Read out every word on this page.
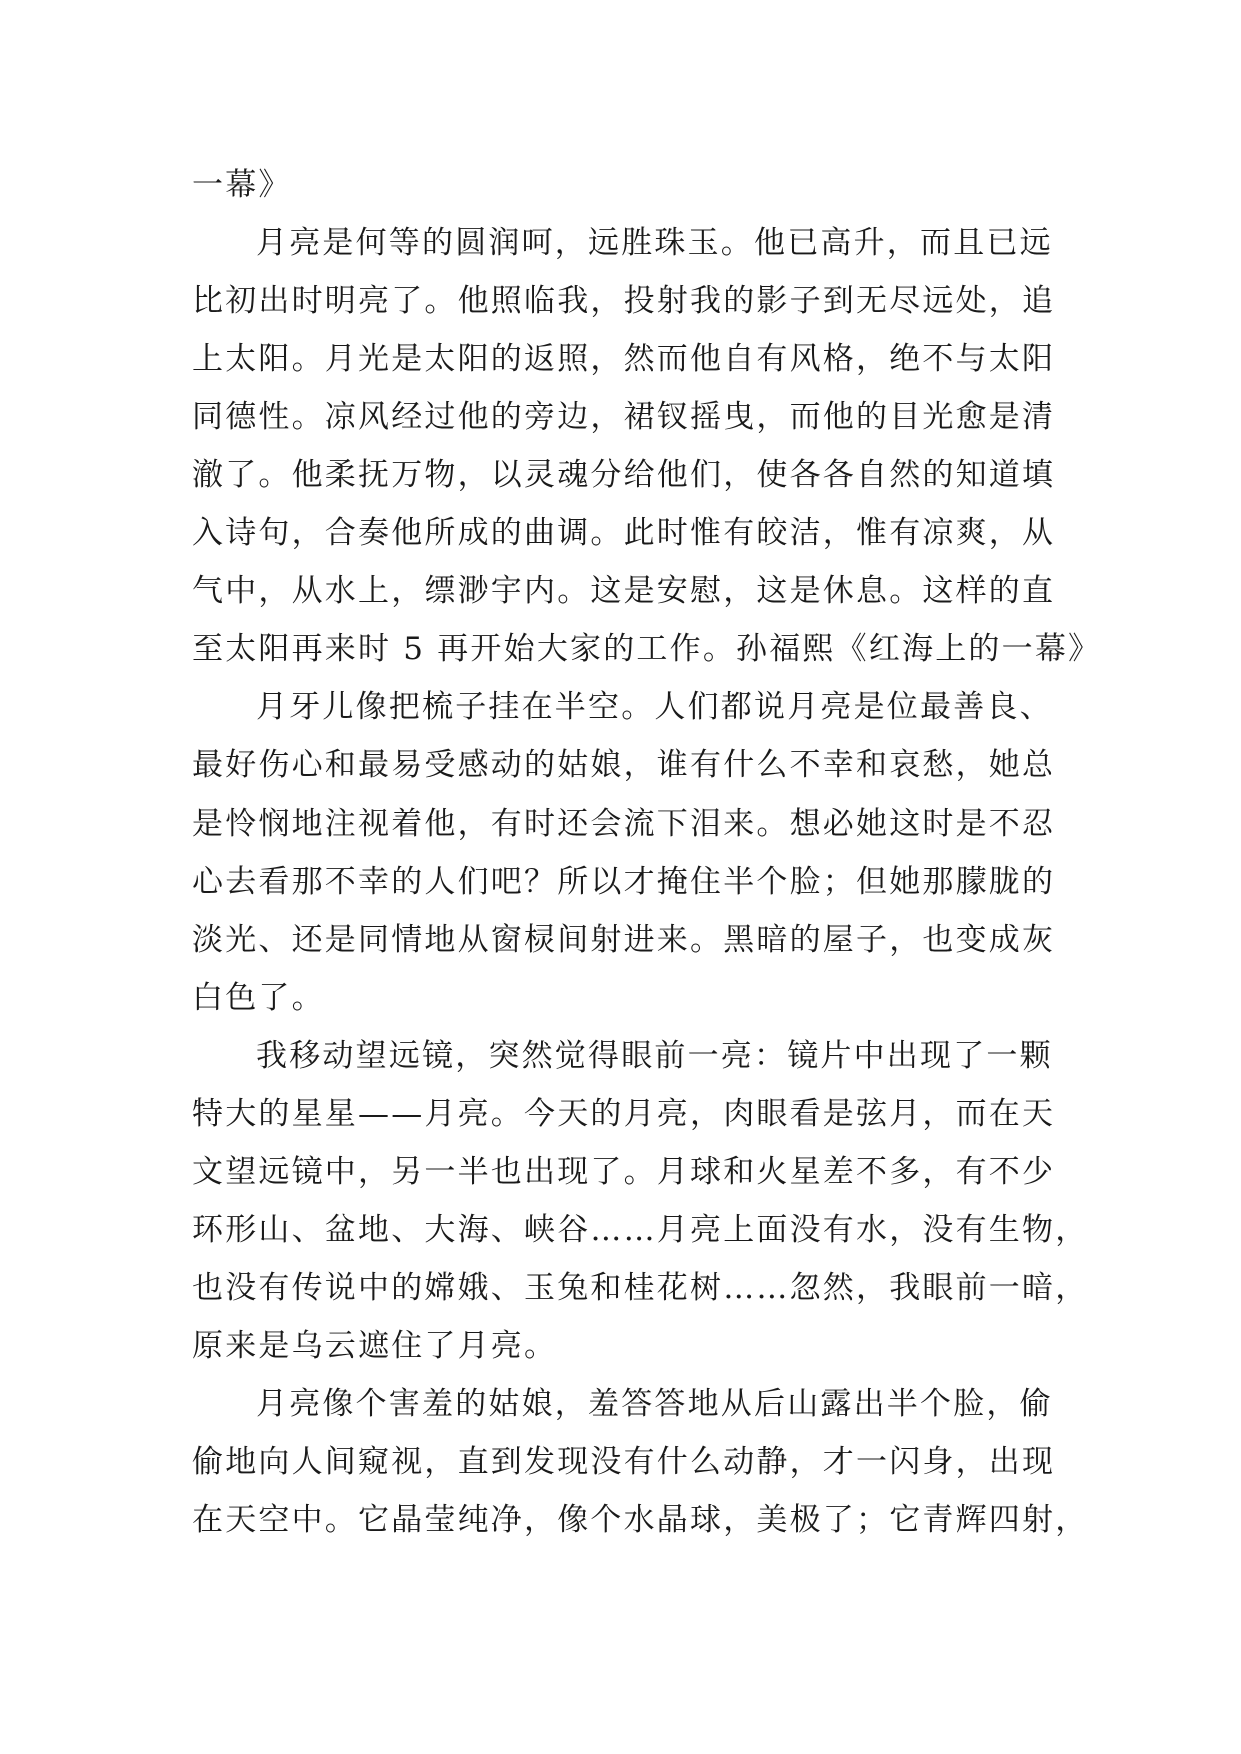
一幕》
月亮是何等的圆润呵，远胜珠玉。他已高升，而且已远
比初出时明亮了。他照临我，投射我的影子到无尽远处，追
上太阳。月光是太阳的返照，然而他自有风格，绝不与太阳
同德性。凉风经过他的旁边，裙钗摇曳，而他的目光愈是清
澈了。他柔抚万物，以灵魂分给他们，使各各自然的知道填
入诗句，合奏他所成的曲调。此时惟有皎洁，惟有凉爽，从
气中，从水上，缥渺宇内。这是安慰，这是休息。这样的直
至太阳再来时 5 再开始大家的工作。孙福熙《红海上的一幕》
月牙儿像把梳子挂在半空。人们都说月亮是位最善良、
最好伤心和最易受感动的姑娘，谁有什么不幸和哀愁，她总
是怜悯地注视着他，有时还会流下泪来。想必她这时是不忍
心去看那不幸的人们吧？所以才掩住半个脸；但她那朦胧的
淡光、还是同情地从窗棂间射进来。黑暗的屋子，也变成灰
白色了。
我移动望远镜，突然觉得眼前一亮：镜片中出现了一颗
特大的星星——月亮。今天的月亮，肉眼看是弦月，而在天
文望远镜中，另一半也出现了。月球和火星差不多，有不少
环形山、盆地、大海、峡谷……月亮上面没有水，没有生物，
也没有传说中的嫦娥、玉兔和桂花树……忽然，我眼前一暗，
原来是乌云遮住了月亮。
月亮像个害羞的姑娘，羞答答地从后山露出半个脸，偷
偷地向人间窥视，直到发现没有什么动静，才一闪身，出现
在天空中。它晶莹纯净，像个水晶球，美极了；它青辉四射，
